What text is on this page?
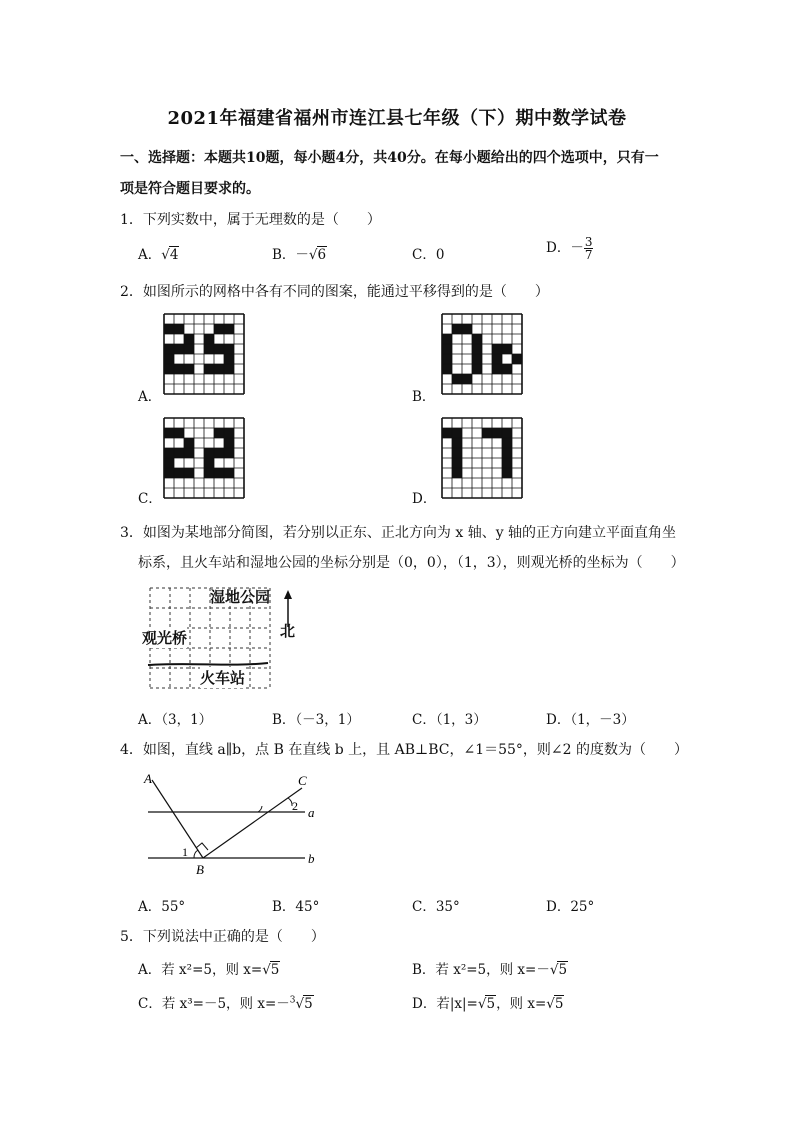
2021年福建省福州市连江县七年级（下）期中数学试卷
一、选择题：本题共10题，每小题4分，共40分。在每小题给出的四个选项中，只有一
项是符合题目要求的。
1．下列实数中，属于无理数的是（　　）
A．√4	B．－√6	C．0	D．－ $\frac{3}{7}$
2．如图所示的网格中各有不同的图案，能通过平移得到的是（　　）
A．	B．
C．	D．
3．如图为某地部分简图，若分别以正东、正北方向为 x 轴、y 轴的正方向建立平面直角坐
标系，且火车站和湿地公园的坐标分别是（0，0），（1，3），则观光桥的坐标为（　　）
湿地公园
观光桥
火车站
北
A．（3，1）	B．（－3，1）	C．（1，3）	D．（1，－3）
4．如图，直线 a∥b，点 B 在直线 b 上，且 AB⊥BC，∠1＝55°，则∠2 的度数为（　　）
A
B
C
a
b
1
2
A．55°	B．45°	C．35°	D．25°
5．下列说法中正确的是（　　）
A．若 x²=5，则 x=√5	B．若 x²=5，则 x=－√5
C．若 x³=－5，则 x=－$^3$√5	D．若|x|=√5，则 x=√5
